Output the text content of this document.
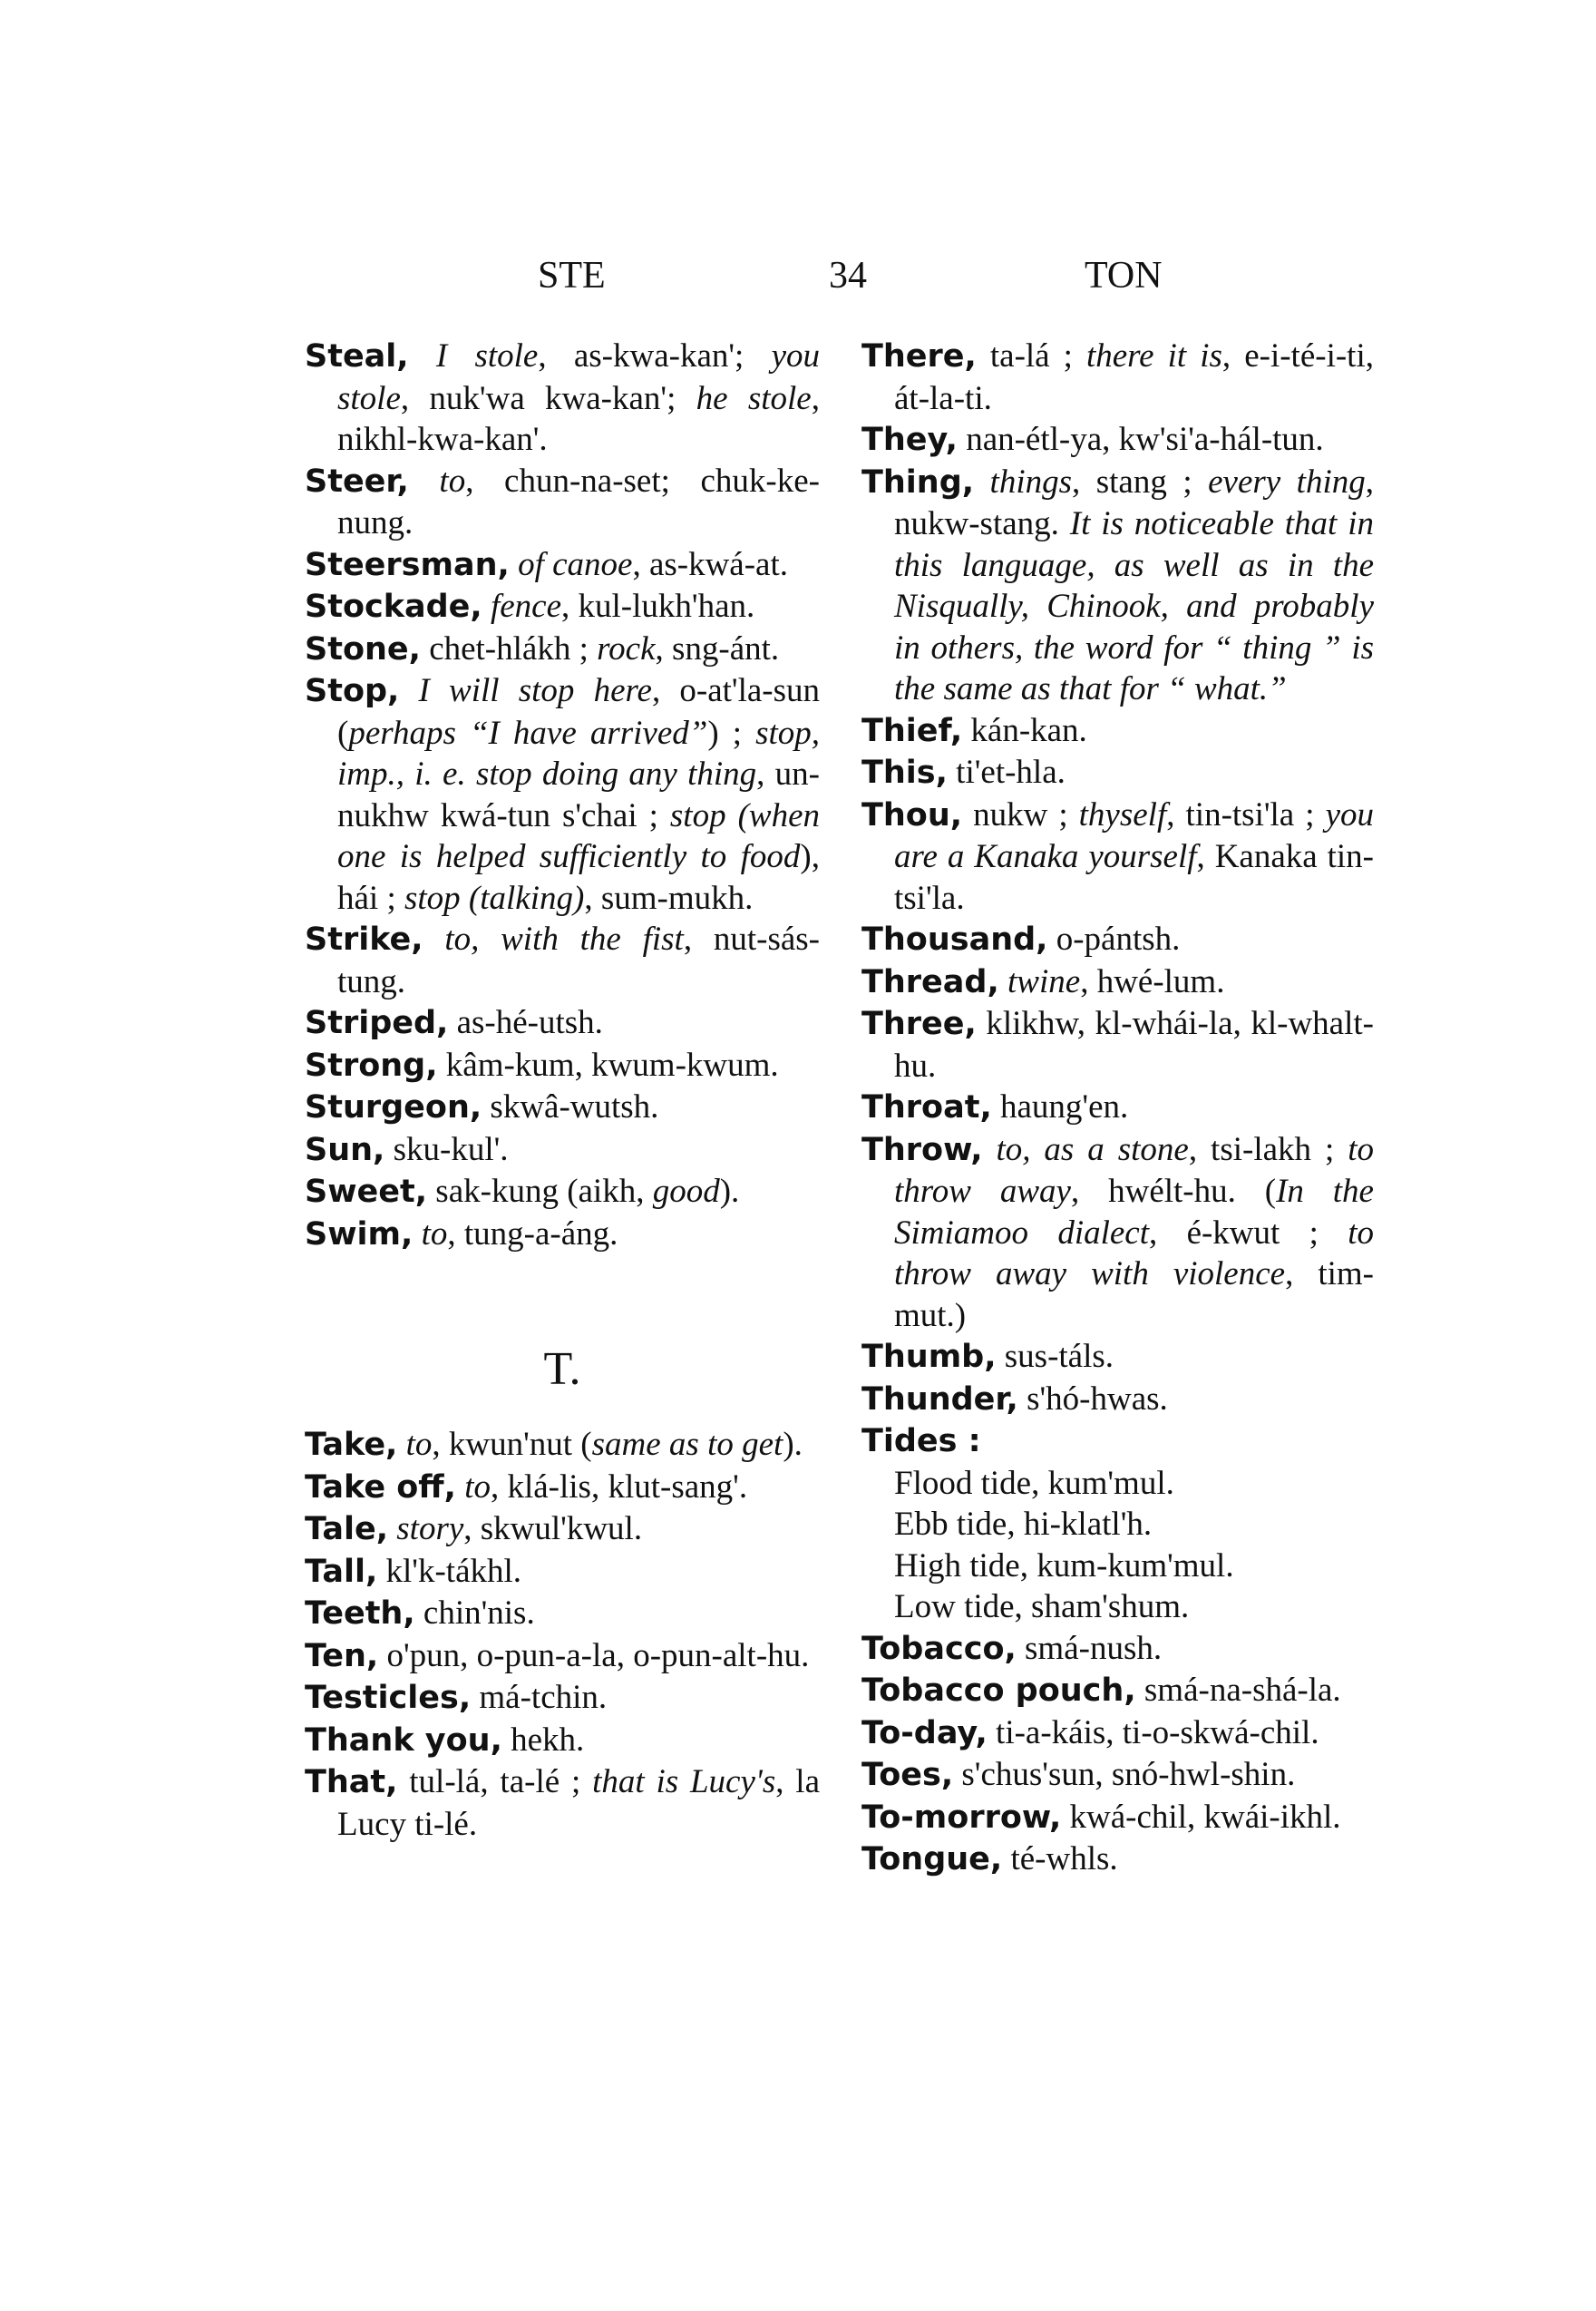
STE	34	TON
Steal, I stole, as-kwa-kan'; you stole, nuk'wa kwa-kan'; he stole, nikhl-kwa-kan'.
Steer, to, chun-na-set; chuk-ke-nung.
Steersman, of canoe, as-kwá-at.
Stockade, fence, kul-lukh'han.
Stone, chet-hlákh ; rock, sng-ánt.
Stop, I will stop here, o-at'la-sun (perhaps “I have arrived”) ; stop, imp., i. e. stop doing any thing, un-nukhw kwá-tun s'chai ; stop (when one is helped sufficiently to food), hái ; stop (talking), sum-mukh.
Strike, to, with the fist, nut-sás-tung.
Striped, as-hé-utsh.
Strong, kâm-kum, kwum-kwum.
Sturgeon, skwâ-wutsh.
Sun, sku-kul'.
Sweet, sak-kung (aikh, good).
Swim, to, tung-a-áng.
T.
Take, to, kwun'nut (same as to get).
Take off, to, klá-lis, klut-sang'.
Tale, story, skwul'kwul.
Tall, kl'k-tákhl.
Teeth, chin'nis.
Ten, o'pun, o-pun-a-la, o-pun-alt-hu.
Testicles, má-tchin.
Thank you, hekh.
That, tul-lá, ta-lé ; that is Lucy's, la Lucy ti-lé.
There, ta-lá ; there it is, e-i-té-i-ti, át-la-ti.
They, nan-étl-ya, kw'si'a-hál-tun.
Thing, things, stang ; every thing, nukw-stang. It is noticeable that in this language, as well as in the Nisqually, Chinook, and probably in others, the word for “ thing ” is the same as that for “ what.”
Thief, kán-kan.
This, ti'et-hla.
Thou, nukw ; thyself, tin-tsi'la ; you are a Kanaka yourself, Kanaka tin-tsi'la.
Thousand, o-pántsh.
Thread, twine, hwé-lum.
Three, klikhw, kl-whái-la, kl-whalt-hu.
Throat, haung'en.
Throw, to, as a stone, tsi-lakh ; to throw away, hwélt-hu. (In the Simiamoo dialect, é-kwut ; to throw away with violence, tim-mut.)
Thumb, sus-táls.
Thunder, s'hó-hwas.
Tides :
Flood tide, kum'mul.
Ebb tide, hi-klatl'h.
High tide, kum-kum'mul.
Low tide, sham'shum.
Tobacco, smá-nush.
Tobacco pouch, smá-na-shá-la.
To-day, ti-a-káis, ti-o-skwá-chil.
Toes, s'chus'sun, snó-hwl-shin.
To-morrow, kwá-chil, kwái-ikhl.
Tongue, té-whls.
